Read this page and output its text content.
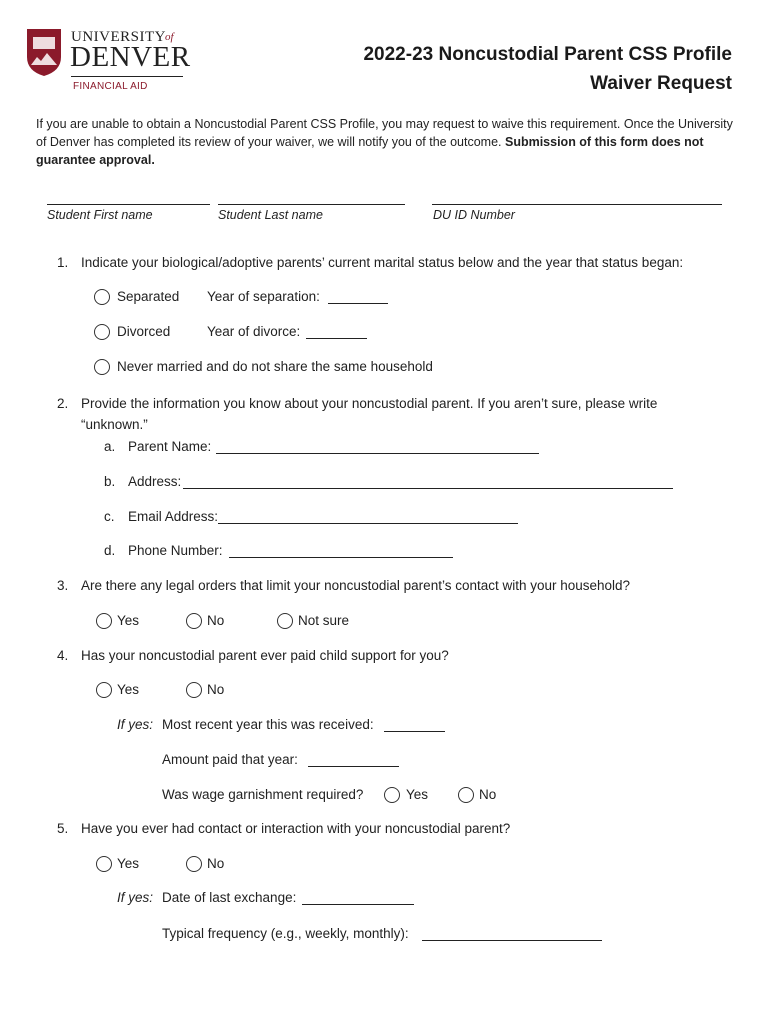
UNIVERSITY of
DENVER
FINANCIAL AID
2022-23 Noncustodial Parent CSS Profile
Waiver Request
If you are unable to obtain a Noncustodial Parent CSS Profile, you may request to waive this requirement. Once the University of Denver has completed its review of your waiver, we will notify you of the outcome. Submission of this form does not guarantee approval.
Student First name	Student Last name	DU ID Number
1. Indicate your biological/adoptive parents’ current marital status below and the year that status began:
Separated Year of separation:
Divorced	Year of divorce:
Never married and do not share the same household
2. Provide the information you know about your noncustodial parent. If you aren’t sure, please write
“unknown.”
a. Parent Name:
b. Address:
c. Email Address:
d. Phone Number:
3. Are there any legal orders that limit your noncustodial parent’s contact with your household?
Yes	No	Not sure
4. Has your noncustodial parent ever paid child support for you?
Yes	No
If yes: Most recent year this was received:
Amount paid that year:
Was wage garnishment required?	Yes	No
5. Have you ever had contact or interaction with your noncustodial parent?
Yes	No
If yes: Date of last exchange:
Typical frequency (e.g., weekly, monthly):
